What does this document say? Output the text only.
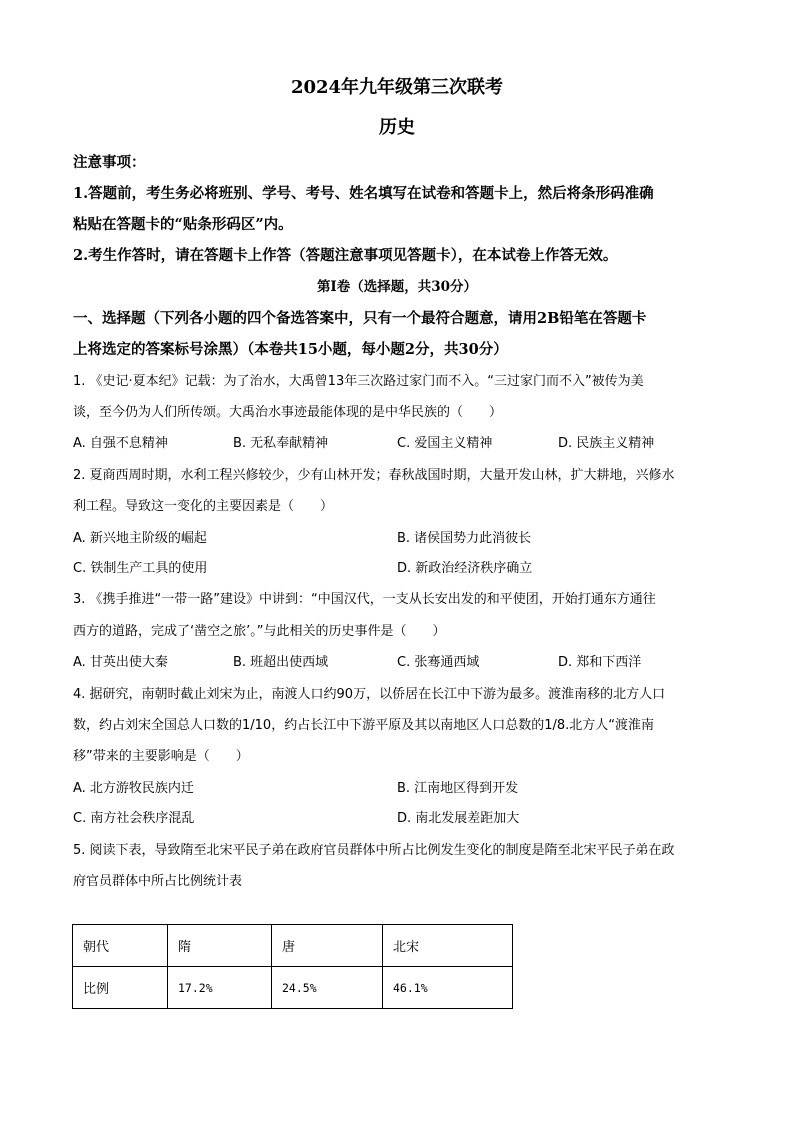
2024年九年级第三次联考
历史
注意事项：
1.答题前，考生务必将班别、学号、考号、姓名填写在试卷和答题卡上，然后将条形码准确
粘贴在答题卡的“贴条形码区”内。
2.考生作答时，请在答题卡上作答（答题注意事项见答题卡），在本试卷上作答无效。
第Ⅰ卷（选择题，共30分）
一、选择题（下列各小题的四个备选答案中，只有一个最符合题意，请用2B铅笔在答题卡
上将选定的答案标号涂黑）（本卷共15小题，每小题2分，共30分）
1. 《史记·夏本纪》记载：为了治水，大禹曾13年三次路过家门而不入。“三过家门而不入”被传为美
谈，至今仍为人们所传颂。大禹治水事迹最能体现的是中华民族的（　　）
A. 自强不息精神	B. 无私奉献精神	C. 爱国主义精神	D. 民族主义精神
2. 夏商西周时期，水利工程兴修较少，少有山林开发；春秋战国时期，大量开发山林，扩大耕地，兴修水
利工程。导致这一变化的主要因素是（　　）
A. 新兴地主阶级的崛起	B. 诸侯国势力此消彼长
C. 铁制生产工具的使用	D. 新政治经济秩序确立
3. 《携手推进“一带一路”建设》中讲到：“中国汉代，一支从长安出发的和平使团，开始打通东方通往
西方的道路，完成了‘凿空之旅’。”与此相关的历史事件是（　　）
A. 甘英出使大秦	B. 班超出使西域	C. 张骞通西域	D. 郑和下西洋
4. 据研究，南朝时截止刘宋为止，南渡人口约90万，以侨居在长江中下游为最多。渡淮南移的北方人口
数，约占刘宋全国总人口数的1/10，约占长江中下游平原及其以南地区人口总数的1/8.北方人“渡淮南
移”带来的主要影响是（　　）
A. 北方游牧民族内迁	B. 江南地区得到开发
C. 南方社会秩序混乱	D. 南北发展差距加大
5. 阅读下表，导致隋至北宋平民子弟在政府官员群体中所占比例发生变化的制度是隋至北宋平民子弟在政
府官员群体中所占比例统计表
朝代	隋	唐	北宋
比例	17.2%	24.5%	46.1%
